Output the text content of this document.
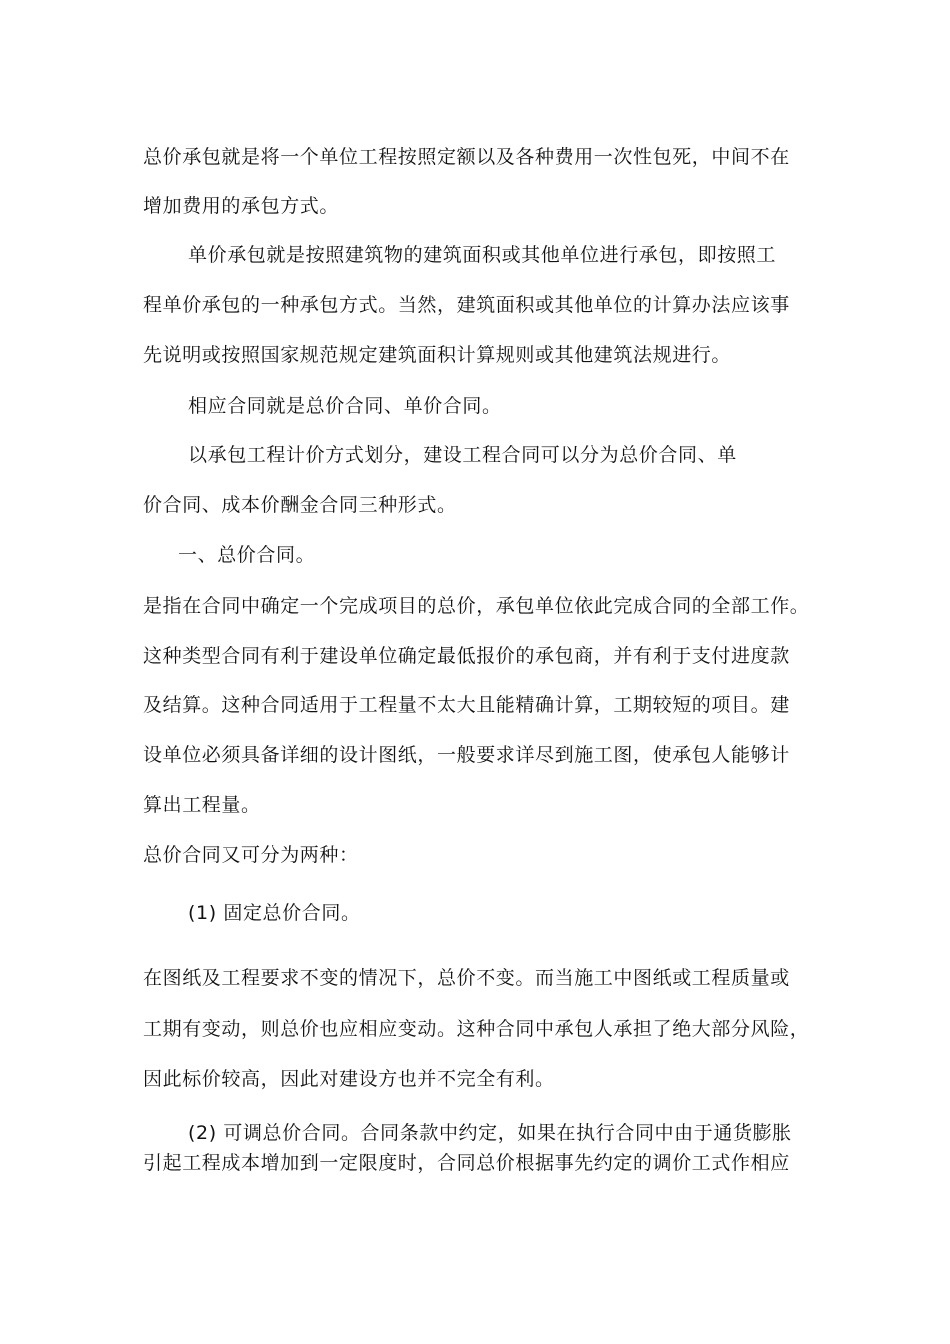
总价承包就是将一个单位工程按照定额以及各种费用一次性包死，中间不在
增加费用的承包方式。
单价承包就是按照建筑物的建筑面积或其他单位进行承包，即按照工
程单价承包的一种承包方式。当然，建筑面积或其他单位的计算办法应该事
先说明或按照国家规范规定建筑面积计算规则或其他建筑法规进行。
相应合同就是总价合同、单价合同。
以承包工程计价方式划分，建设工程合同可以分为总价合同、单
价合同、成本价酬金合同三种形式。
一、总价合同。
是指在合同中确定一个完成项目的总价，承包单位依此完成合同的全部工作。
这种类型合同有利于建设单位确定最低报价的承包商，并有利于支付进度款
及结算。这种合同适用于工程量不太大且能精确计算，工期较短的项目。建
设单位必须具备详细的设计图纸，一般要求详尽到施工图，使承包人能够计
算出工程量。
总价合同又可分为两种：
(1) 固定总价合同。
在图纸及工程要求不变的情况下，总价不变。而当施工中图纸或工程质量或
工期有变动，则总价也应相应变动。这种合同中承包人承担了绝大部分风险，
因此标价较高，因此对建设方也并不完全有利。
(2) 可调总价合同。合同条款中约定，如果在执行合同中由于通货膨胀
引起工程成本增加到一定限度时，合同总价根据事先约定的调价工式作相应
